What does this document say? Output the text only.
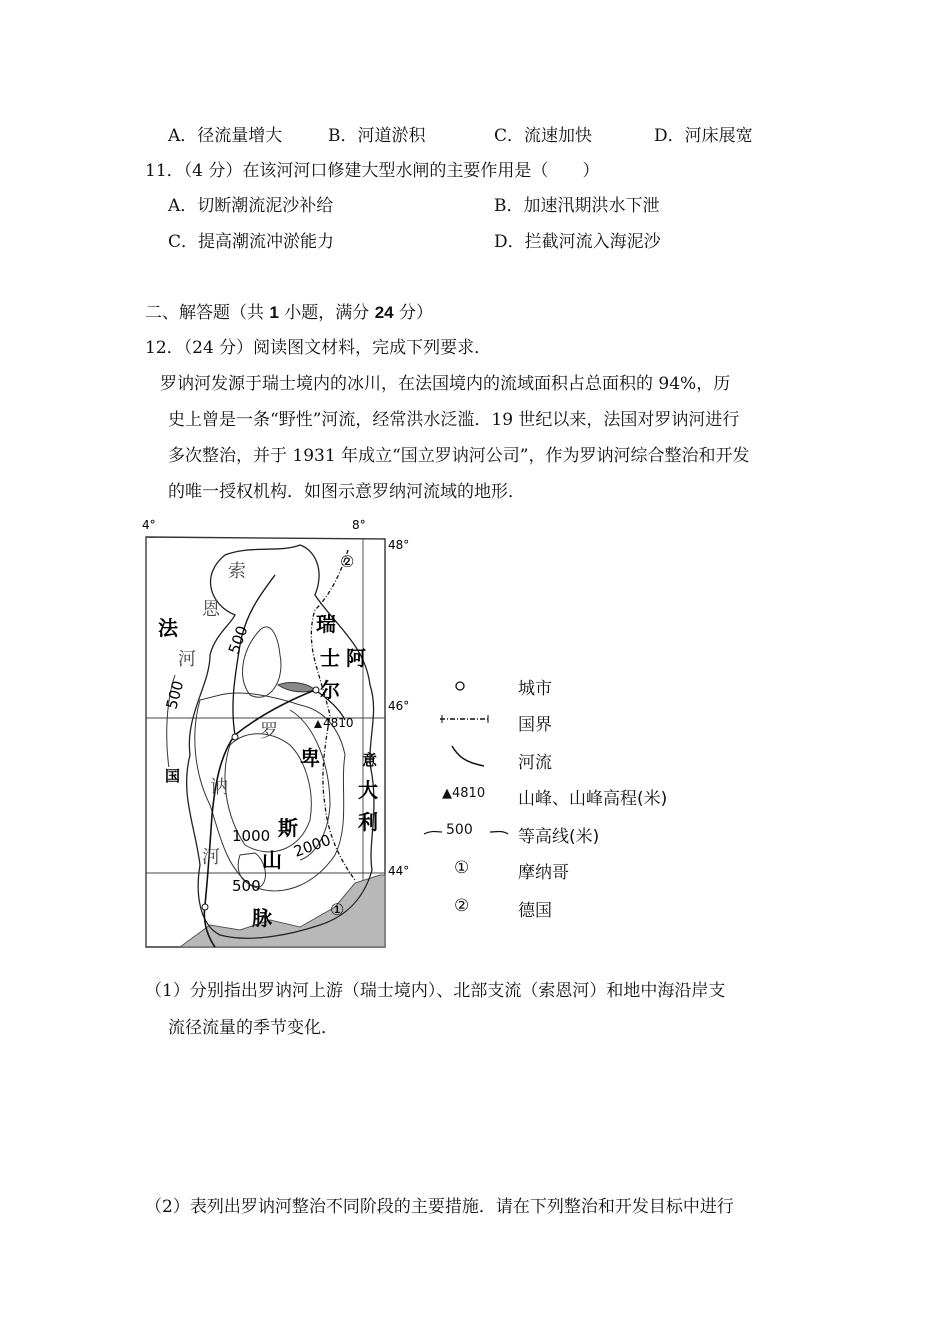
A．径流量增大	B．河道淤积	C．流速加快	D．河床展宽
11．（4 分）在该河河口修建大型水闸的主要作用是（　　）
A．切断潮流泥沙补给	B．加速汛期洪水下泄
C．提高潮流冲淤能力	D．拦截河流入海泥沙
二、解答题（共 1 小题，满分 24 分）
12．（24 分）阅读图文材料，完成下列要求．
罗讷河发源于瑞士境内的冰川，在法国境内的流域面积占总面积的 94%，历
史上曾是一条“野性”河流，经常洪水泛滥．19 世纪以来，法国对罗讷河进行
多次整治，并于 1931 年成立“国立罗讷河公司”，作为罗讷河综合整治和开发
的唯一授权机构．如图示意罗纳河流域的地形．
4°	8°
48°
46°
44°
法
国
索
恩
河
瑞
士 阿
尔
罗
卑
讷
斯
河 山
脉
意
大
利
500
500
1000 2000
500
4810
②
①
城市
国界
河流
▲4810 山峰、山峰高程(米)
500	等高线(米)
①	摩纳哥
②	德国
（1）分别指出罗讷河上游（瑞士境内）、北部支流（索恩河）和地中海沿岸支
流径流量的季节变化．
（2）表列出罗讷河整治不同阶段的主要措施．请在下列整治和开发目标中进行
